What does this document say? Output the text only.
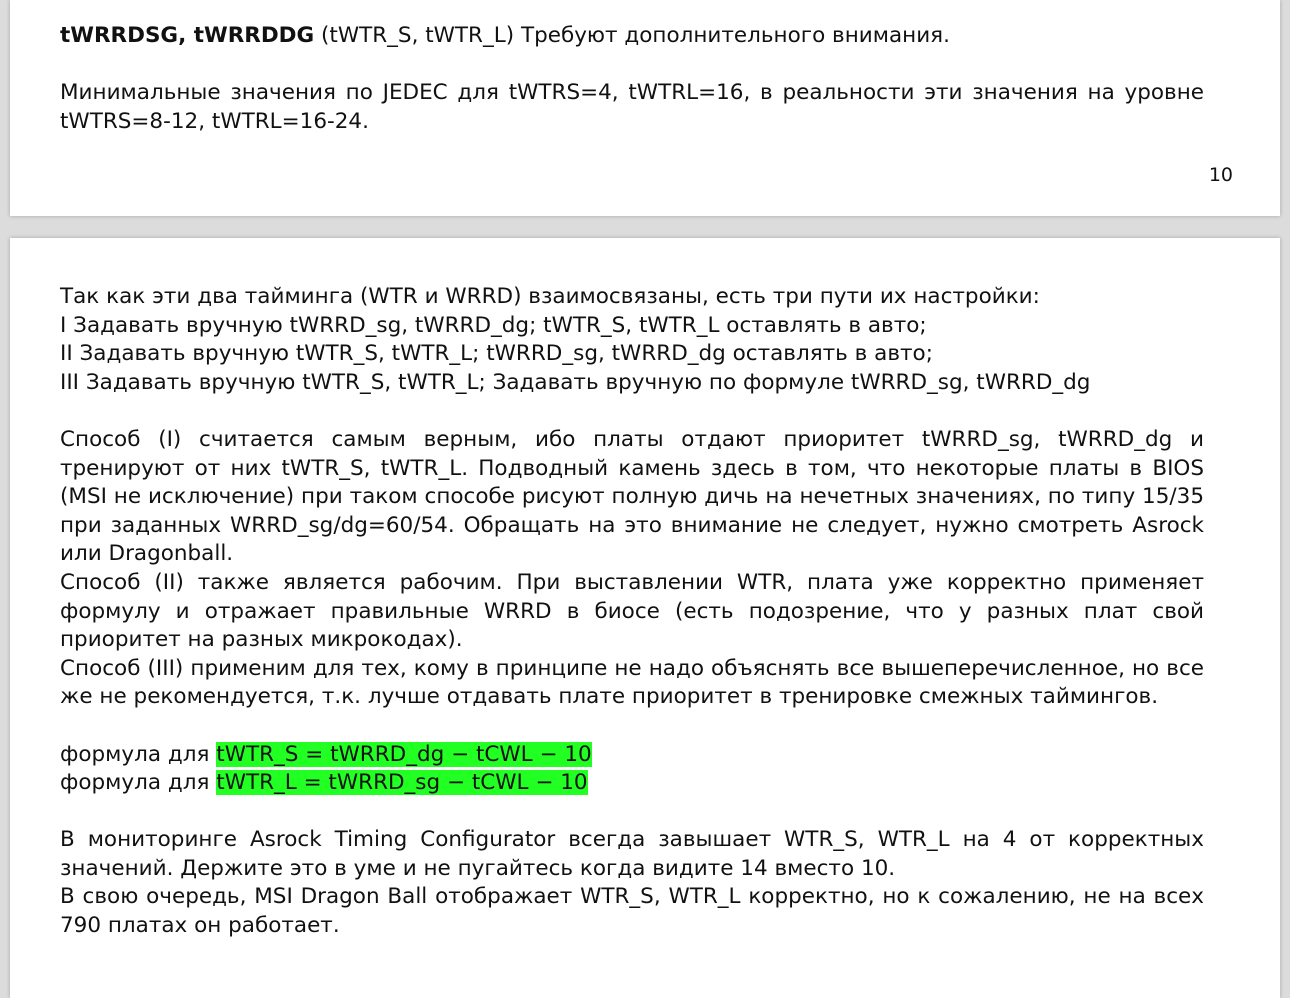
tWRRDSG, tWRRDDG (tWTR_S, tWTR_L) Требуют дополнительного внимания.

Минимальные значения по JEDEC для tWTRS=4, tWTRL=16, в реальности эти значения на уровне tWTRS=8-12, tWTRL=16-24.

10

Так как эти два тайминга (WTR и WRRD) взаимосвязаны, есть три пути их настройки:

I Задавать вручную tWRRD_sg, tWRRD_dg; tWTR_S, tWTR_L оставлять в авто;

II Задавать вручную tWTR_S, tWTR_L; tWRRD_sg, tWRRD_dg оставлять в авто;

III Задавать вручную tWTR_S, tWTR_L; Задавать вручную по формуле tWRRD_sg, tWRRD_dg

Способ (I) считается самым верным, ибо платы отдают приоритет tWRRD_sg, tWRRD_dg и тренируют от них tWTR_S, tWTR_L. Подводный камень здесь в том, что некоторые платы в BIOS (MSI не исключение) при таком способе рисуют полную дичь на нечетных значениях, по типу 15/35 при заданных WRRD_sg/dg=60/54. Обращать на это внимание не следует, нужно смотреть Asrock или Dragonball.

Способ (II) также является рабочим. При выставлении WTR, плата уже корректно применяет формулу и отражает правильные WRRD в биосе (есть подозрение, что у разных плат свой приоритет на разных микрокодах).

Способ (III) применим для тех, кому в принципе не надо объяснять все вышеперечисленное, но все же не рекомендуется, т.к. лучше отдавать плате приоритет в тренировке смежных таймингов.

формула для tWTR_S = tWRRD_dg − tCWL − 10

формула для tWTR_L = tWRRD_sg − tCWL − 10

В мониторинге Asrock Timing Configurator всегда завышает WTR_S, WTR_L на 4 от корректных значений. Держите это в уме и не пугайтесь когда видите 14 вместо 10.

В свою очередь, MSI Dragon Ball отображает WTR_S, WTR_L корректно, но к сожалению, не на всех 790 платах он работает.
